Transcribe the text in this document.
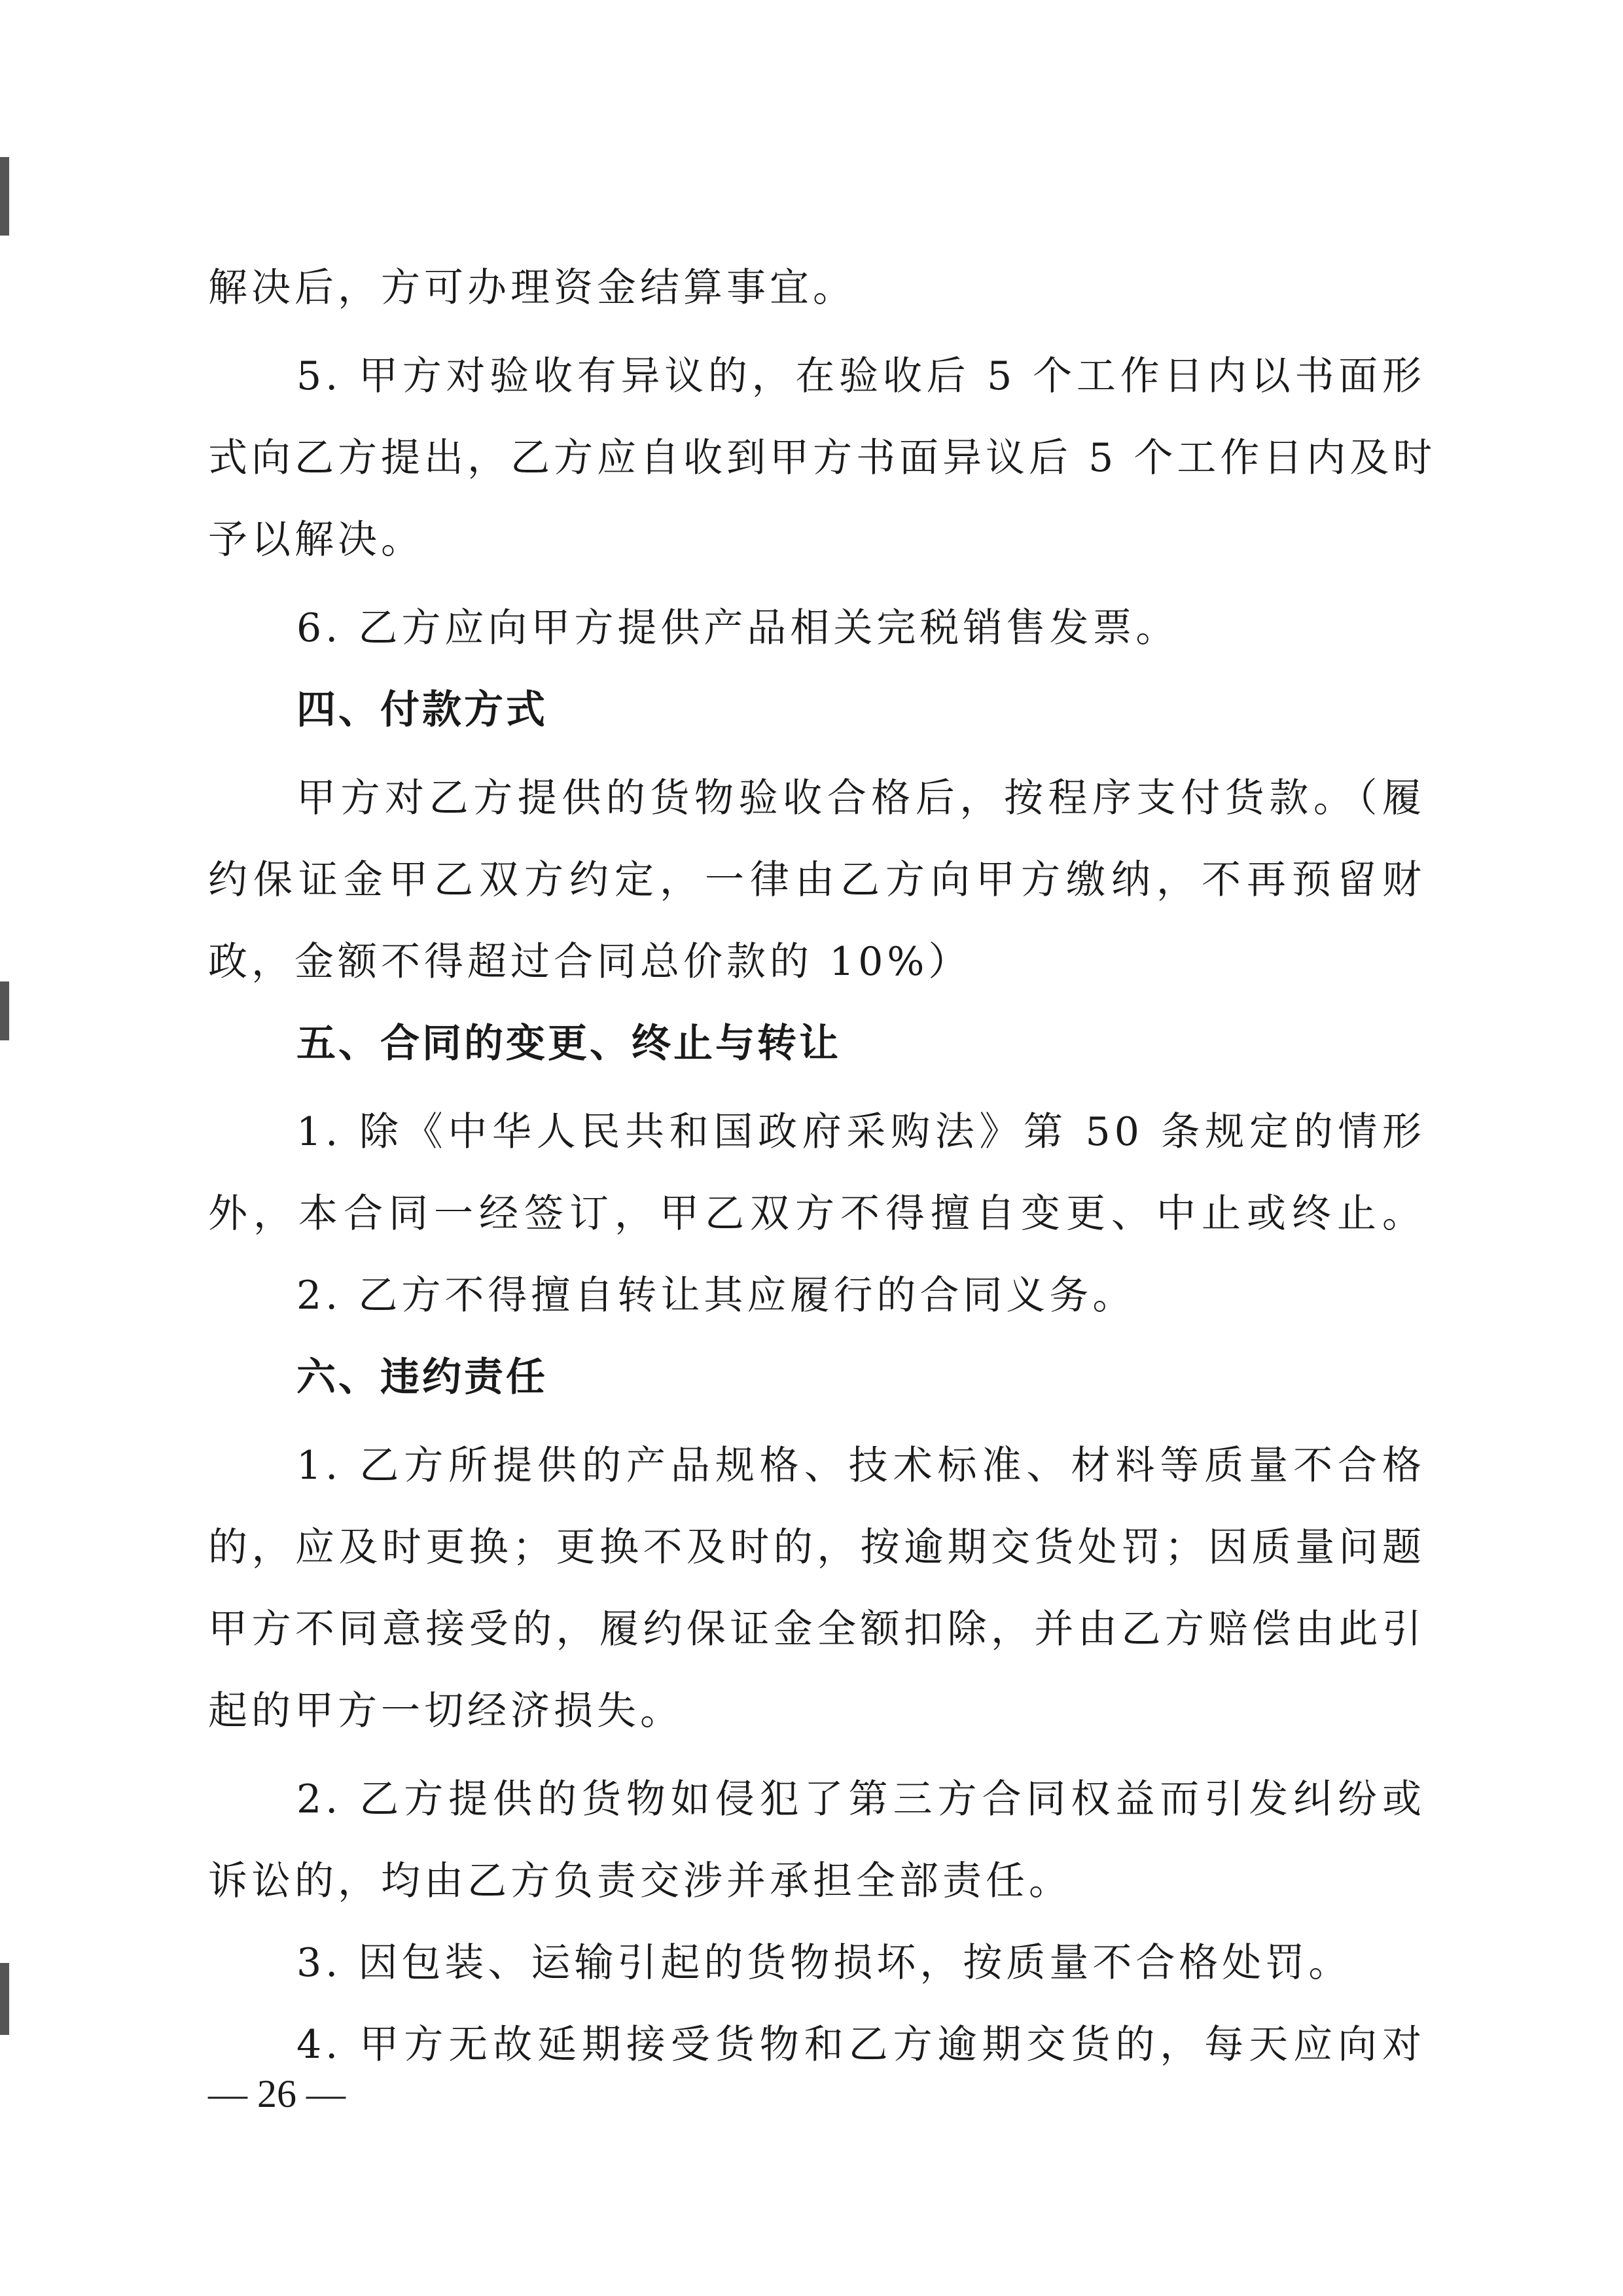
解决后，方可办理资金结算事宜。
5. 甲方对验收有异议的，在验收后 5 个工作日内以书面形
式向乙方提出，乙方应自收到甲方书面异议后 5 个工作日内及时
予以解决。
6. 乙方应向甲方提供产品相关完税销售发票。
四、付款方式
甲方对乙方提供的货物验收合格后，按程序支付货款。（履
约保证金甲乙双方约定，一律由乙方向甲方缴纳，不再预留财
政，金额不得超过合同总价款的 10%）
五、合同的变更、终止与转让
1. 除《中华人民共和国政府采购法》第 50 条规定的情形
外，本合同一经签订，甲乙双方不得擅自变更、中止或终止。
2. 乙方不得擅自转让其应履行的合同义务。
六、违约责任
1. 乙方所提供的产品规格、技术标准、材料等质量不合格
的，应及时更换；更换不及时的，按逾期交货处罚；因质量问题
甲方不同意接受的，履约保证金全额扣除，并由乙方赔偿由此引
起的甲方一切经济损失。
2. 乙方提供的货物如侵犯了第三方合同权益而引发纠纷或
诉讼的，均由乙方负责交涉并承担全部责任。
3. 因包装、运输引起的货物损坏，按质量不合格处罚。
4. 甲方无故延期接受货物和乙方逾期交货的，每天应向对
— 26 —
